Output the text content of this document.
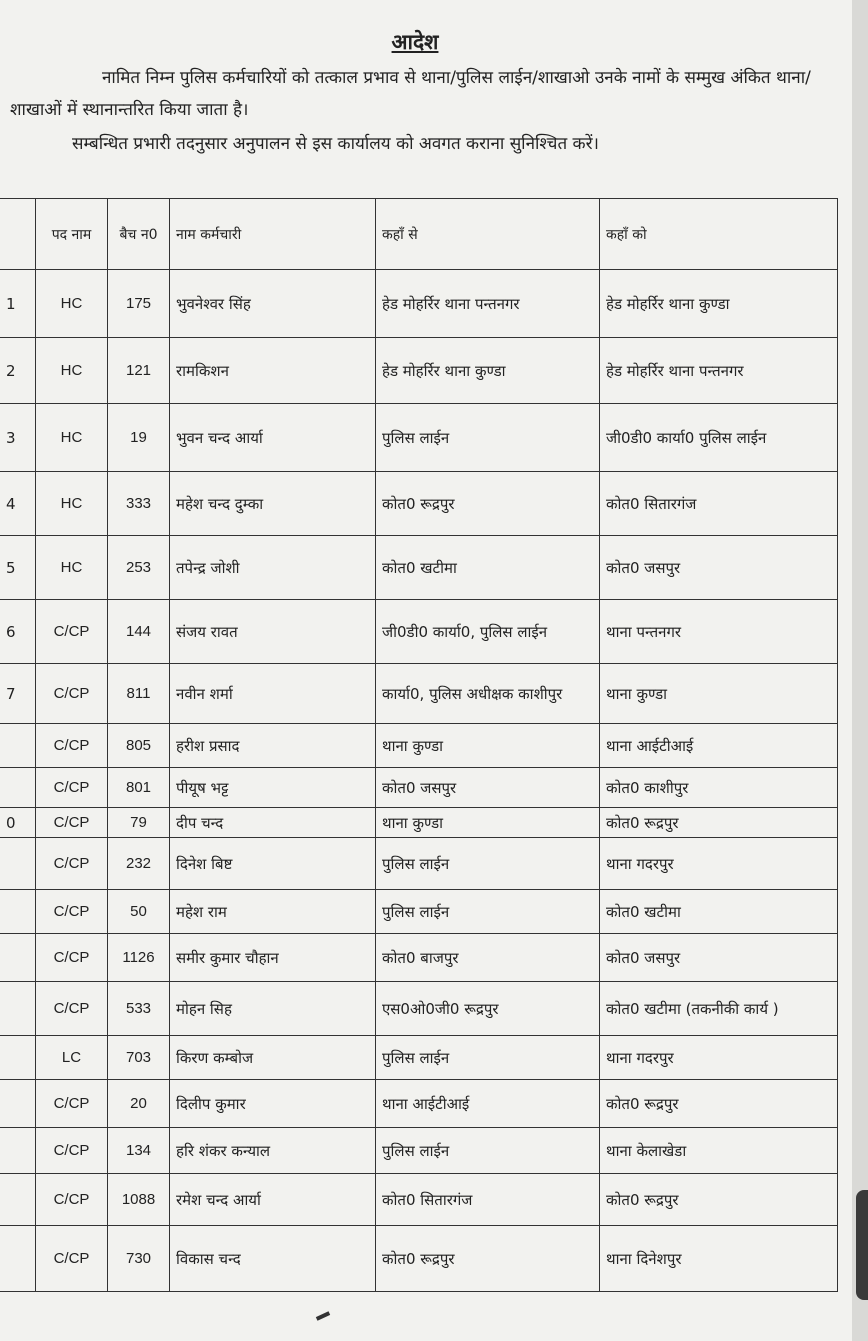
आदेश
नामित निम्न पुलिस कर्मचारियों को तत्काल प्रभाव से थाना/पुलिस लाईन/शाखाओ उनके नामों के सम्मुख अंकित थाना/शाखाओं में स्थानान्तरित किया जाता है।
सम्बन्धित प्रभारी तदनुसार अनुपालन से इस कार्यालय को अवगत कराना सुनिश्चित करें।
	पद नाम	बैच न0	नाम कर्मचारी	कहाँ से	कहाँ को
1	HC	175	भुवनेश्वर सिंह	हेड मोहर्रिर थाना पन्तनगर	हेड मोहर्रिर थाना कुण्डा
2	HC	121	रामकिशन	हेड मोहर्रिर थाना कुण्डा	हेड मोहर्रिर थाना पन्तनगर
3	HC	19	भुवन चन्द आर्या	पुलिस लाईन	जी0डी0 कार्या0 पुलिस लाईन
4	HC	333	महेश चन्द दुम्का	कोत0 रूद्रपुर	कोत0 सितारगंज
5	HC	253	तपेन्द्र जोशी	कोत0 खटीमा	कोत0 जसपुर
6	C/CP	144	संजय रावत	जी0डी0 कार्या0, पुलिस लाईन	थाना पन्तनगर
7	C/CP	811	नवीन शर्मा	कार्या0, पुलिस अधीक्षक काशीपुर	थाना कुण्डा
	C/CP	805	हरीश प्रसाद	थाना कुण्डा	थाना आईटीआई
	C/CP	801	पीयूष भट्ट	कोत0 जसपुर	कोत0 काशीपुर
0	C/CP	79	दीप चन्द	थाना कुण्डा	कोत0 रूद्रपुर
	C/CP	232	दिनेश बिष्ट	पुलिस लाईन	थाना गदरपुर
	C/CP	50	महेश राम	पुलिस लाईन	कोत0 खटीमा
	C/CP	1126	समीर कुमार चौहान	कोत0 बाजपुर	कोत0 जसपुर
	C/CP	533	मोहन सिह	एस0ओ0जी0 रूद्रपुर	कोत0 खटीमा (तकनीकी कार्य )
	LC	703	किरण कम्बोज	पुलिस लाईन	थाना गदरपुर
	C/CP	20	दिलीप कुमार	थाना आईटीआई	कोत0 रूद्रपुर
	C/CP	134	हरि शंकर कन्याल	पुलिस लाईन	थाना केलाखेडा
	C/CP	1088	रमेश चन्द आर्या	कोत0 सितारगंज	कोत0 रूद्रपुर
	C/CP	730	विकास चन्द	कोत0 रूद्रपुर	थाना दिनेशपुर
